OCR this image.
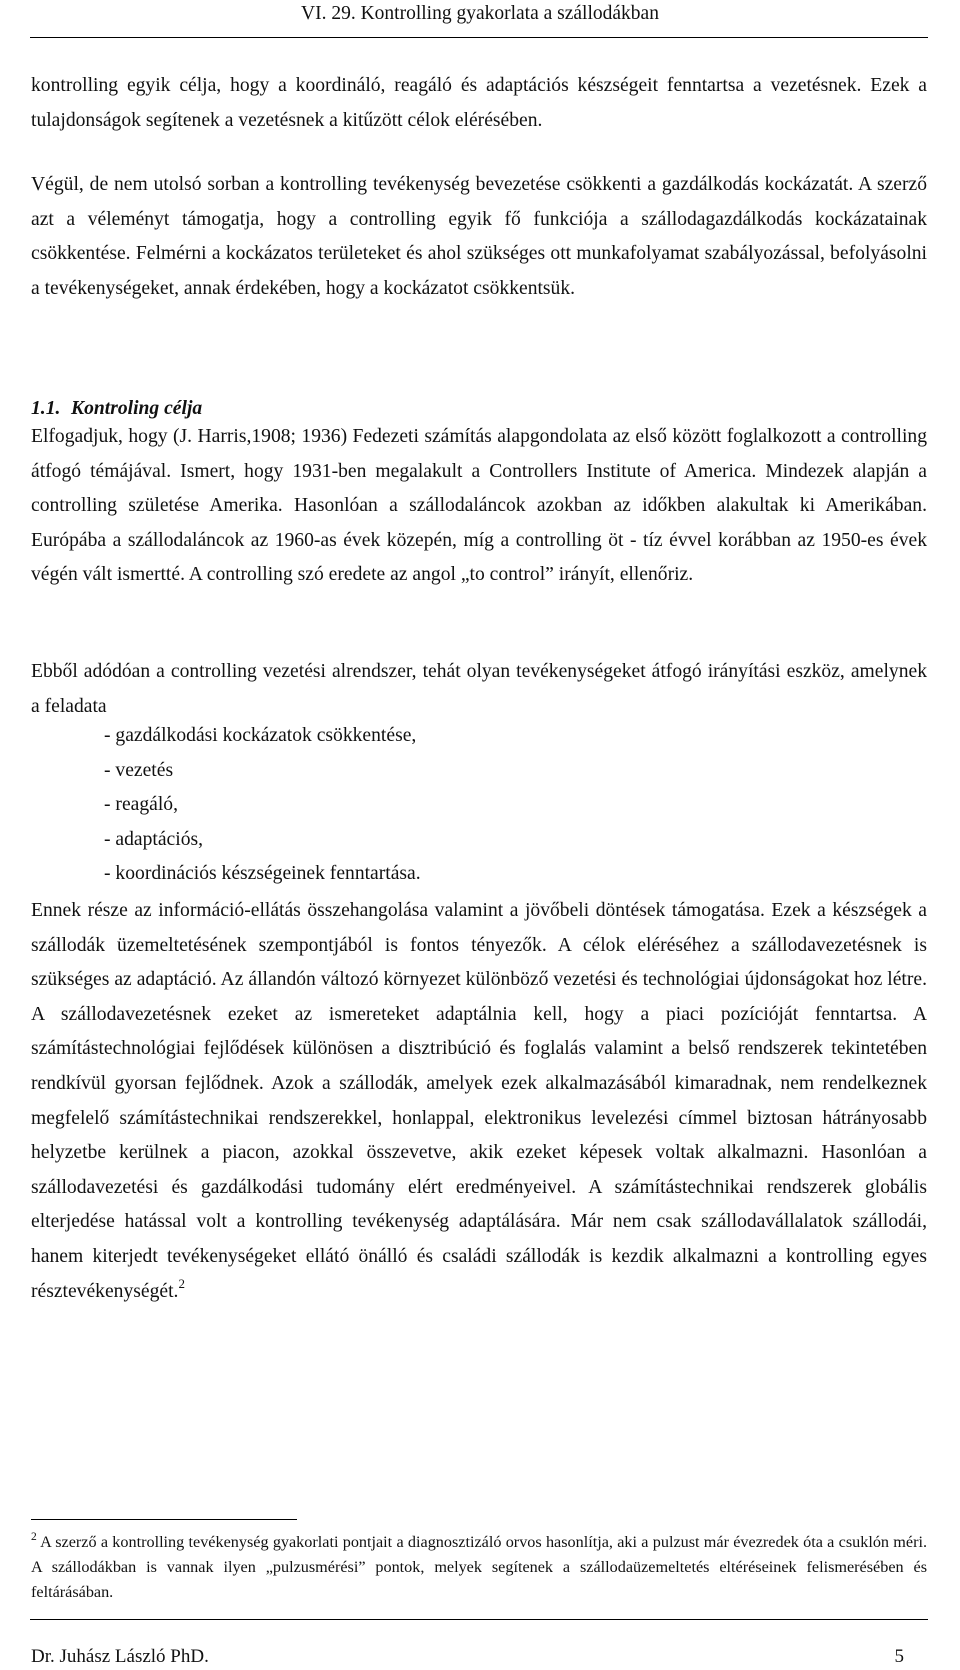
VI. 29. Kontrolling gyakorlata a szállodákban

kontrolling egyik célja, hogy a koordináló, reagáló és adaptációs készségeit fenntartsa a vezetésnek. Ezek a tulajdonságok segítenek a vezetésnek a kitűzött célok elérésében.

Végül, de nem utolsó sorban a kontrolling tevékenység bevezetése csökkenti a gazdálkodás kockázatát. A szerző azt a véleményt támogatja, hogy a controlling egyik fő funkciója a szállodagazdálkodás kockázatainak csökkentése. Felmérni a kockázatos területeket és ahol szükséges ott munkafolyamat szabályozással, befolyásolni a tevékenységeket, annak érdekében, hogy a kockázatot csökkentsük.

1.1. Kontroling célja

Elfogadjuk, hogy (J. Harris,1908; 1936) Fedezeti számítás alapgondolata az első között foglalkozott a controlling átfogó témájával. Ismert, hogy 1931-ben megalakult a Controllers Institute of America. Mindezek alapján a controlling születése Amerika. Hasonlóan a szállodaláncok azokban az időkben alakultak ki Amerikában. Európába a szállodaláncok az 1960-as évek közepén, míg a controlling öt - tíz évvel korábban az 1950-es évek végén vált ismertté. A controlling szó eredete az angol „to control” irányít, ellenőriz.

Ebből adódóan a controlling vezetési alrendszer, tehát olyan tevékenységeket átfogó irányítási eszköz, amelynek a feladata

- gazdálkodási kockázatok csökkentése,
- vezetés
- reagáló,
- adaptációs,
- koordinációs készségeinek fenntartása.

Ennek része az információ-ellátás összehangolása valamint a jövőbeli döntések támogatása. Ezek a készségek a szállodák üzemeltetésének szempontjából is fontos tényezők. A célok eléréséhez a szállodavezetésnek is szükséges az adaptáció. Az állandón változó környezet különböző vezetési és technológiai újdonságokat hoz létre. A szállodavezetésnek ezeket az ismereteket adaptálnia kell, hogy a piaci pozícióját fenntartsa. A számítástechnológiai fejlődések különösen a disztribúció és foglalás valamint a belső rendszerek tekintetében rendkívül gyorsan fejlődnek. Azok a szállodák, amelyek ezek alkalmazásából kimaradnak, nem rendelkeznek megfelelő számítástechnikai rendszerekkel, honlappal, elektronikus levelezési címmel biztosan hátrányosabb helyzetbe kerülnek a piacon, azokkal összevetve, akik ezeket képesek voltak alkalmazni. Hasonlóan a szállodavezetési és gazdálkodási tudomány elért eredményeivel. A számítástechnikai rendszerek globális elterjedése hatással volt a kontrolling tevékenység adaptálására. Már nem csak szállodavállalatok szállodái, hanem kiterjedt tevékenységeket ellátó önálló és családi szállodák is kezdik alkalmazni a kontrolling egyes résztevékenységét.$^2$

$^2$ A szerző a kontrolling tevékenység gyakorlati pontjait a diagnosztizáló orvos hasonlítja, aki a pulzust már évezredek óta a csuklón méri. A szállodákban is vannak ilyen „pulzusmérési” pontok, melyek segítenek a szállodaüzemeltetés eltéréseinek felismerésében és feltárásában.
Dr. Juhász László PhD.	5
